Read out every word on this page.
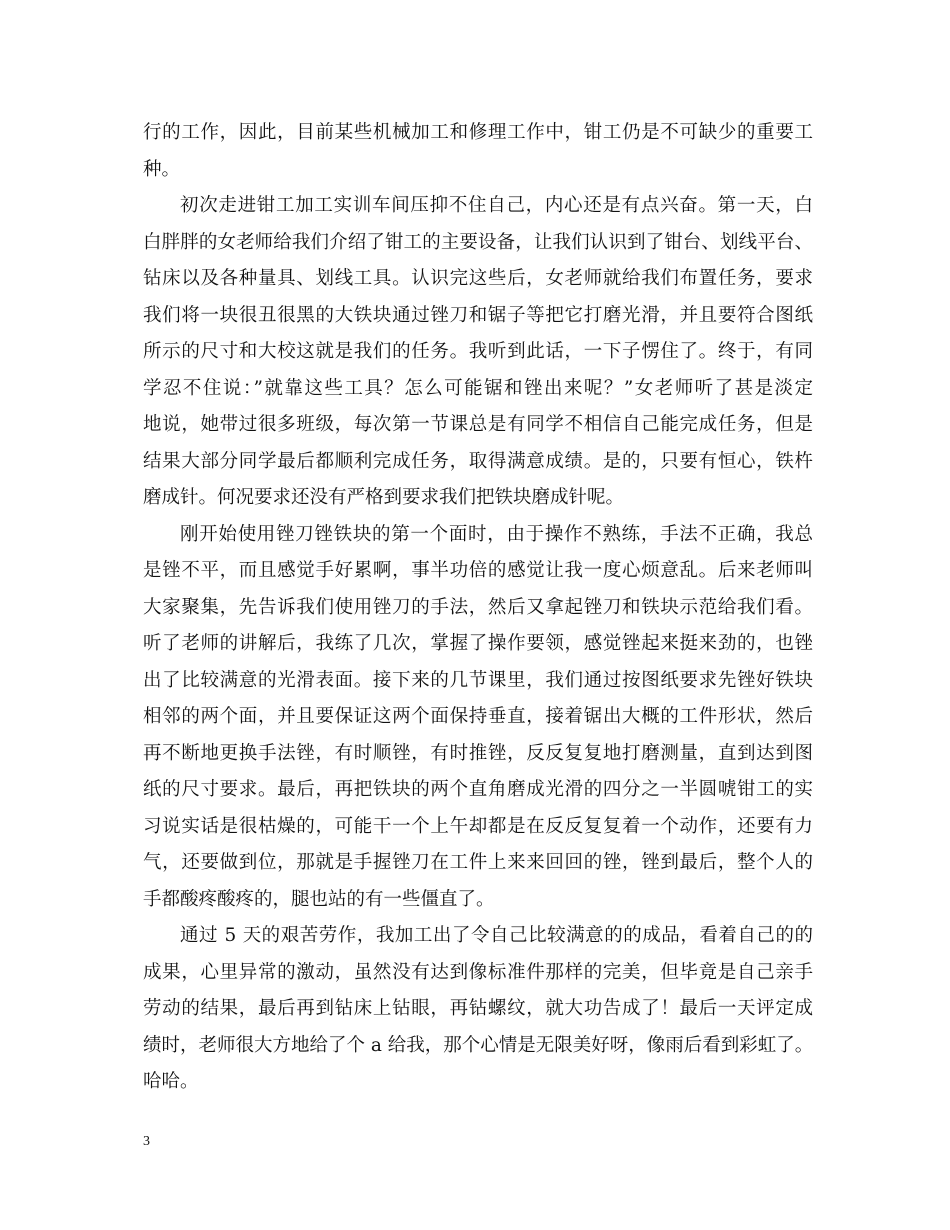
行的工作，因此，目前某些机械加工和修理工作中，钳工仍是不可缺少的重要工
种。
初次走进钳工加工实训车间压抑不住自己，内心还是有点兴奋。第一天，白
白胖胖的女老师给我们介绍了钳工的主要设备，让我们认识到了钳台、划线平台、
钻床以及各种量具、划线工具。认识完这些后，女老师就给我们布置任务，要求
我们将一块很丑很黑的大铁块通过锉刀和锯子等把它打磨光滑，并且要符合图纸
所示的尺寸和大校这就是我们的任务。我听到此话，一下子愣住了。终于，有同
学忍不住说：”就靠这些工具？怎么可能锯和锉出来呢？”女老师听了甚是淡定
地说，她带过很多班级，每次第一节课总是有同学不相信自己能完成任务，但是
结果大部分同学最后都顺利完成任务，取得满意成绩。是的，只要有恒心，铁杵
磨成针。何况要求还没有严格到要求我们把铁块磨成针呢。
刚开始使用锉刀锉铁块的第一个面时，由于操作不熟练，手法不正确，我总
是锉不平，而且感觉手好累啊，事半功倍的感觉让我一度心烦意乱。后来老师叫
大家聚集，先告诉我们使用锉刀的手法，然后又拿起锉刀和铁块示范给我们看。
听了老师的讲解后，我练了几次，掌握了操作要领，感觉锉起来挺来劲的，也锉
出了比较满意的光滑表面。接下来的几节课里，我们通过按图纸要求先锉好铁块
相邻的两个面，并且要保证这两个面保持垂直，接着锯出大概的工件形状，然后
再不断地更换手法锉，有时顺锉，有时推锉，反反复复地打磨测量，直到达到图
纸的尺寸要求。最后，再把铁块的两个直角磨成光滑的四分之一半圆唬钳工的实
习说实话是很枯燥的，可能干一个上午却都是在反反复复着一个动作，还要有力
气，还要做到位，那就是手握锉刀在工件上来来回回的锉，锉到最后，整个人的
手都酸疼酸疼的，腿也站的有一些僵直了。
通过 5 天的艰苦劳作，我加工出了令自己比较满意的的成品，看着自己的的
成果，心里异常的激动，虽然没有达到像标准件那样的完美，但毕竟是自己亲手
劳动的结果，最后再到钻床上钻眼，再钻螺纹，就大功告成了！最后一天评定成
绩时，老师很大方地给了个 a 给我，那个心情是无限美好呀，像雨后看到彩虹了。
哈哈。
3
